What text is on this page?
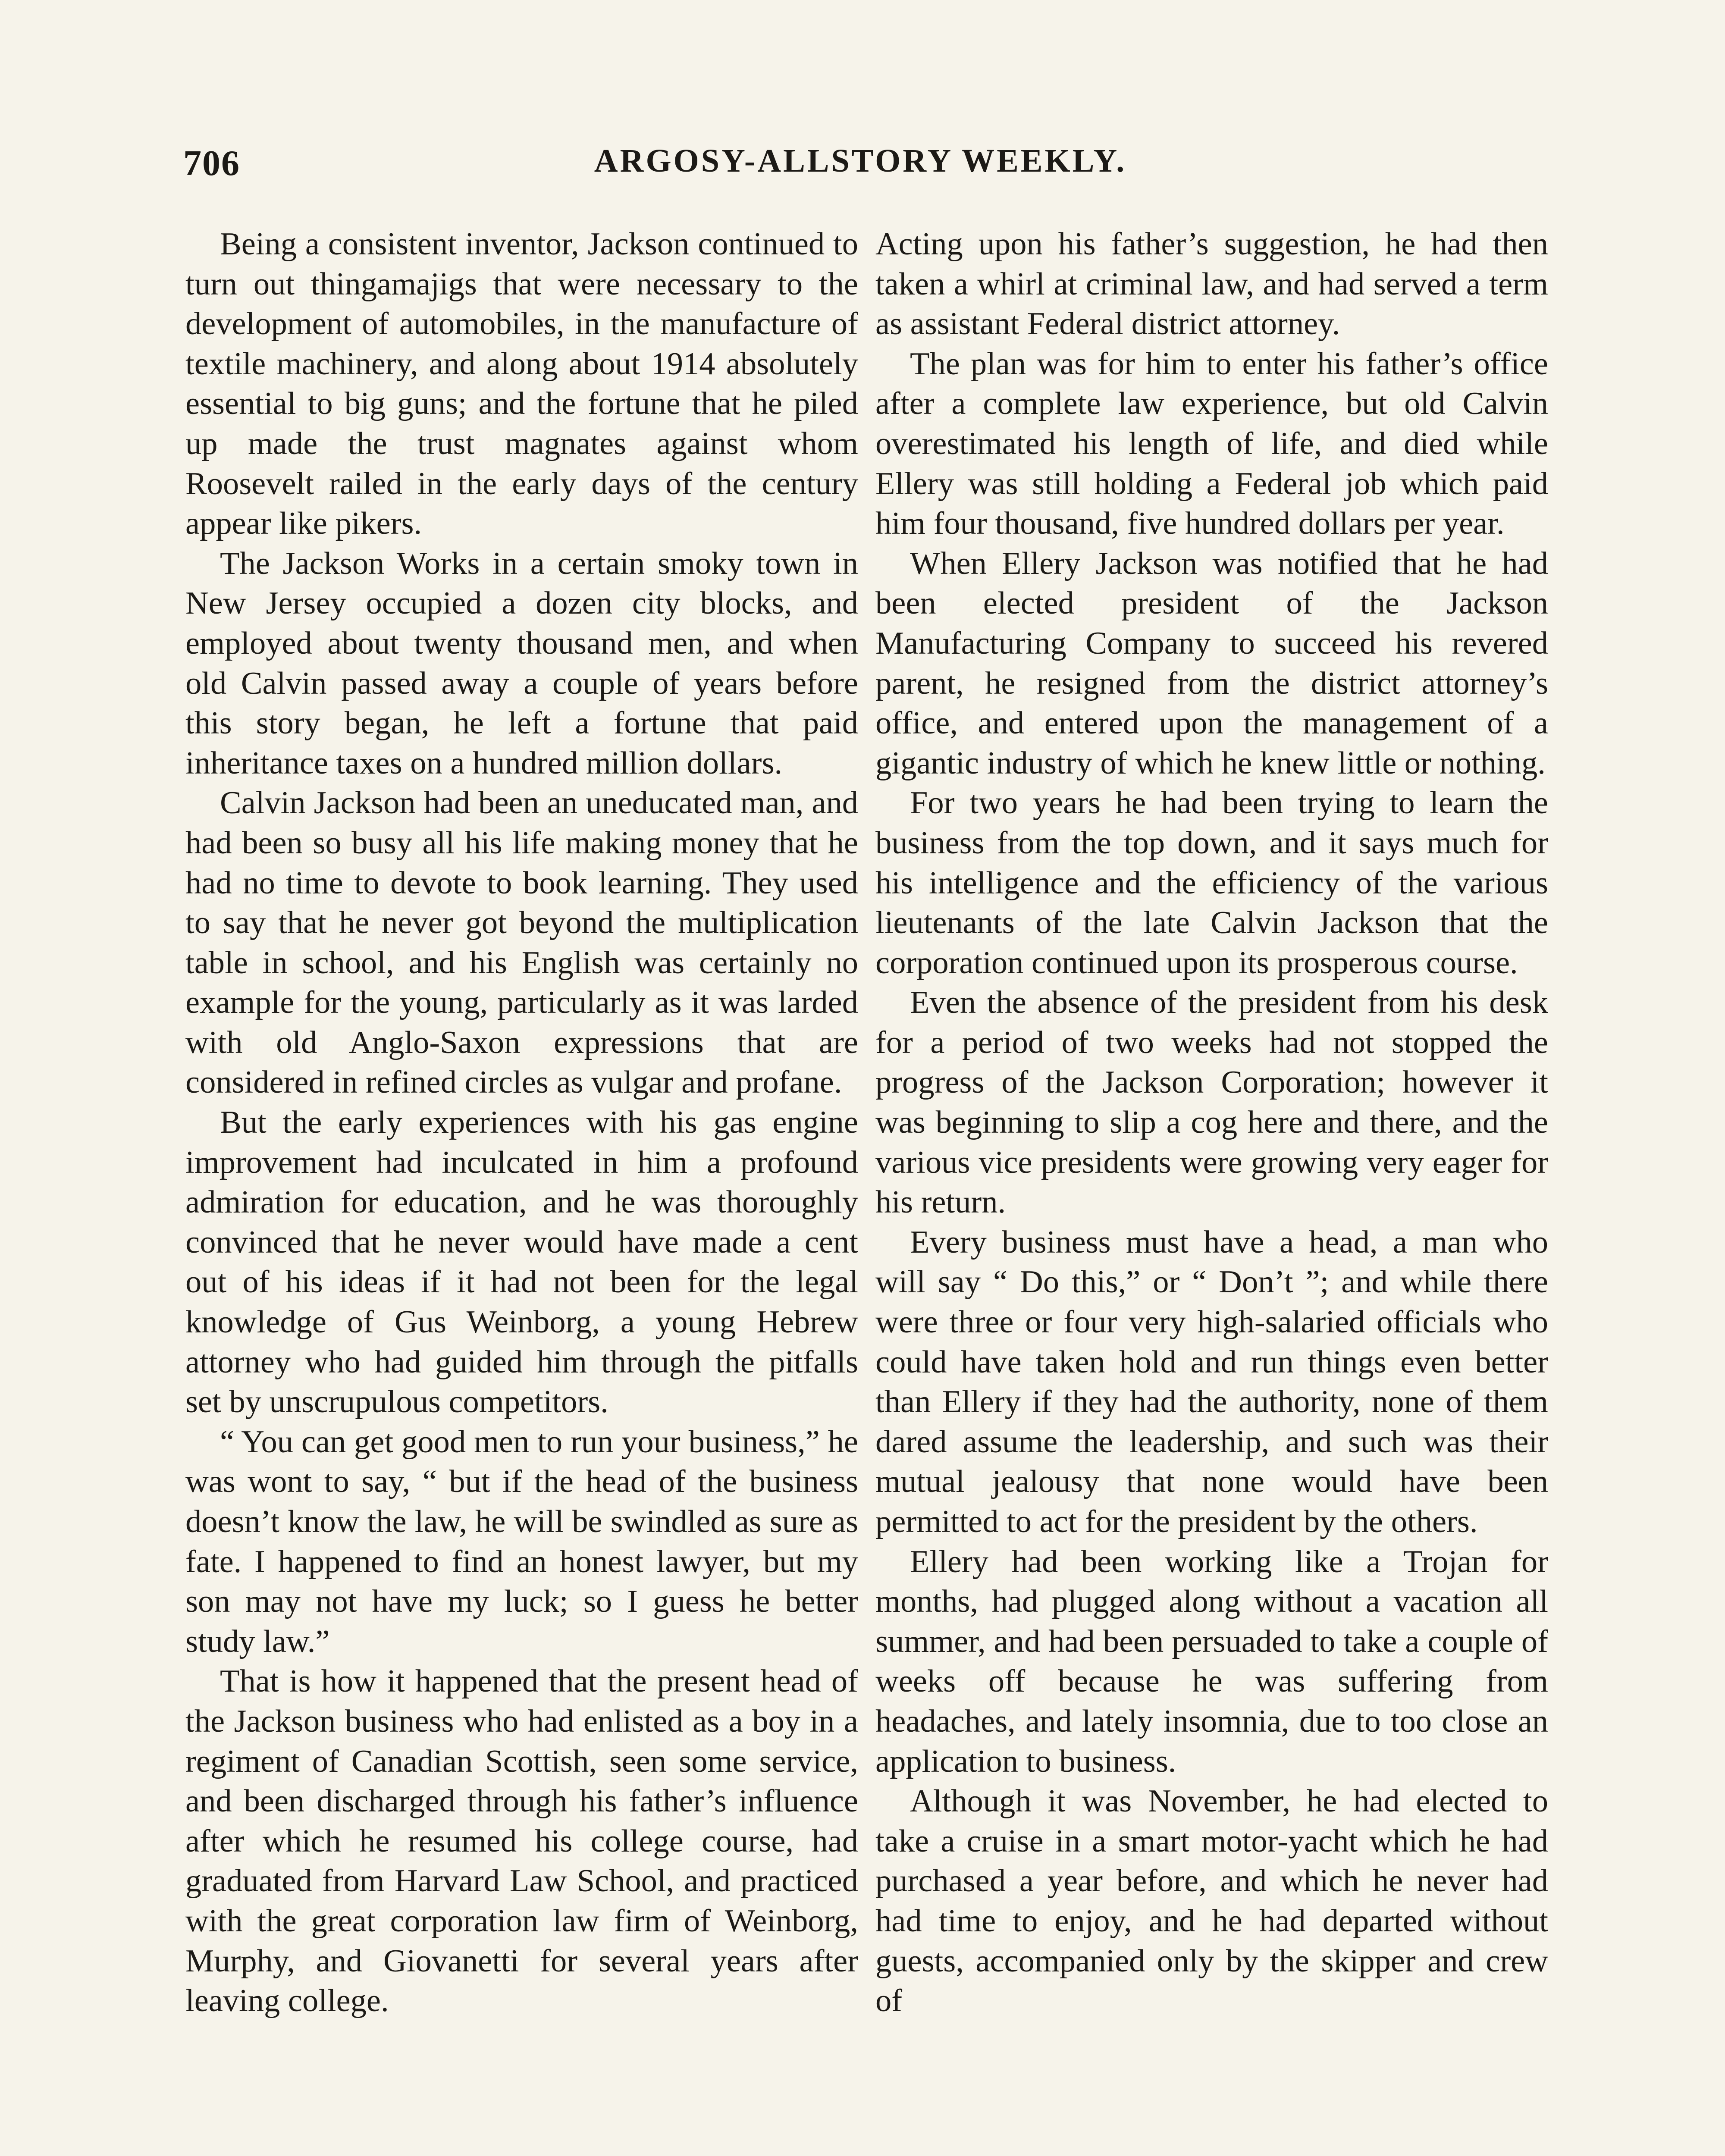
706	ARGOSY-ALLSTORY WEEKLY.

Being a consistent inventor, Jackson continued to turn out thingamajigs that were necessary to the development of automobiles, in the manufacture of textile machinery, and along about 1914 absolutely essential to big guns; and the fortune that he piled up made the trust magnates against whom Roosevelt railed in the early days of the century appear like pikers.

The Jackson Works in a certain smoky town in New Jersey occupied a dozen city blocks, and employed about twenty thousand men, and when old Calvin passed away a couple of years before this story began, he left a fortune that paid inheritance taxes on a hundred million dollars.

Calvin Jackson had been an uneducated man, and had been so busy all his life making money that he had no time to devote to book learning. They used to say that he never got beyond the multiplication table in school, and his English was certainly no example for the young, particularly as it was larded with old Anglo-Saxon expressions that are considered in refined circles as vulgar and profane.

But the early experiences with his gas engine improvement had inculcated in him a profound admiration for education, and he was thoroughly convinced that he never would have made a cent out of his ideas if it had not been for the legal knowledge of Gus Weinborg, a young Hebrew attorney who had guided him through the pitfalls set by unscrupulous competitors.

“ You can get good men to run your business,” he was wont to say, “ but if the head of the business doesn’t know the law, he will be swindled as sure as fate. I happened to find an honest lawyer, but my son may not have my luck; so I guess he better study law.”

That is how it happened that the present head of the Jackson business who had enlisted as a boy in a regiment of Canadian Scottish, seen some service, and been discharged through his father’s influence after which he resumed his college course, had graduated from Harvard Law School, and practiced with the great corporation law firm of Weinborg, Murphy, and Giovanetti for several years after leaving college.

Acting upon his father’s suggestion, he had then taken a whirl at criminal law, and had served a term as assistant Federal district attorney.

The plan was for him to enter his father’s office after a complete law experience, but old Calvin overestimated his length of life, and died while Ellery was still holding a Federal job which paid him four thousand, five hundred dollars per year.

When Ellery Jackson was notified that he had been elected president of the Jackson Manufacturing Company to succeed his revered parent, he resigned from the district attorney’s office, and entered upon the management of a gigantic industry of which he knew little or nothing.

For two years he had been trying to learn the business from the top down, and it says much for his intelligence and the efficiency of the various lieutenants of the late Calvin Jackson that the corporation continued upon its prosperous course.

Even the absence of the president from his desk for a period of two weeks had not stopped the progress of the Jackson Corporation; however it was beginning to slip a cog here and there, and the various vice presidents were growing very eager for his return.

Every business must have a head, a man who will say “ Do this,” or “ Don’t ”; and while there were three or four very high-salaried officials who could have taken hold and run things even better than Ellery if they had the authority, none of them dared assume the leadership, and such was their mutual jealousy that none would have been permitted to act for the president by the others.

Ellery had been working like a Trojan for months, had plugged along without a vacation all summer, and had been persuaded to take a couple of weeks off because he was suffering from headaches, and lately insomnia, due to too close an application to business.

Although it was November, he had elected to take a cruise in a smart motor-yacht which he had purchased a year before, and which he never had had time to enjoy, and he had departed without guests, accompanied only by the skipper and crew of
